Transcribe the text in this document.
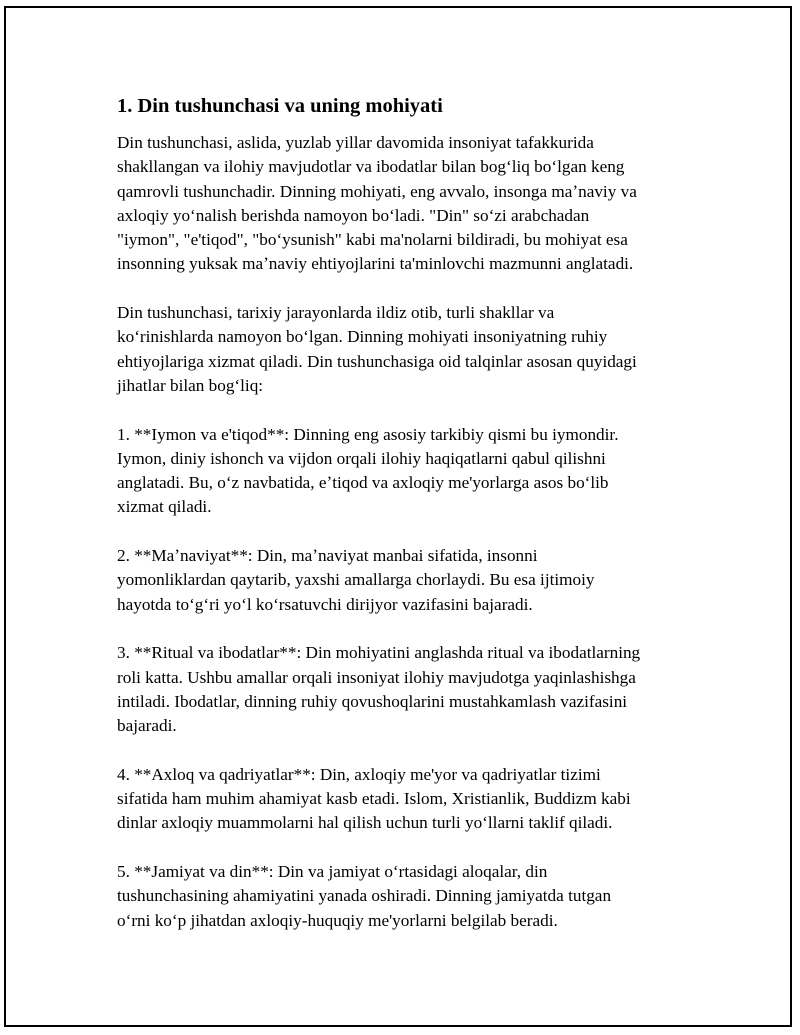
1. Din tushunchasi va uning mohiyati

Din tushunchasi, aslida, yuzlab yillar davomida insoniyat tafakkurida
shakllangan va ilohiy mavjudotlar va ibodatlar bilan bogʻliq boʻlgan keng
qamrovli tushunchadir. Dinning mohiyati, eng avvalo, insonga maʼnaviy va
axloqiy yoʻnalish berishda namoyon boʻladi. "Din" soʻzi arabchadan
"iymon", "e'tiqod", "boʻysunish" kabi ma'nolarni bildiradi, bu mohiyat esa
insonning yuksak maʼnaviy ehtiyojlarini ta'minlovchi mazmunni anglatadi.

Din tushunchasi, tarixiy jarayonlarda ildiz otib, turli shakllar va
koʻrinishlarda namoyon boʻlgan. Dinning mohiyati insoniyatning ruhiy
ehtiyojlariga xizmat qiladi. Din tushunchasiga oid talqinlar asosan quyidagi
jihatlar bilan bogʻliq:

1. **Iymon va e'tiqod**: Dinning eng asosiy tarkibiy qismi bu iymondir.
Iymon, diniy ishonch va vijdon orqali ilohiy haqiqatlarni qabul qilishni
anglatadi. Bu, oʻz navbatida, eʼtiqod va axloqiy me'yorlarga asos boʻlib
xizmat qiladi.

2. **Maʼnaviyat**: Din, maʼnaviyat manbai sifatida, insonni
yomonliklardan qaytarib, yaxshi amallarga chorlaydi. Bu esa ijtimoiy
hayotda toʻgʻri yoʻl koʻrsatuvchi dirijyor vazifasini bajaradi.

3. **Ritual va ibodatlar**: Din mohiyatini anglashda ritual va ibodatlarning
roli katta. Ushbu amallar orqali insoniyat ilohiy mavjudotga yaqinlashishga
intiladi. Ibodatlar, dinning ruhiy qovushoqlarini mustahkamlash vazifasini
bajaradi.

4. **Axloq va qadriyatlar**: Din, axloqiy me'yor va qadriyatlar tizimi
sifatida ham muhim ahamiyat kasb etadi. Islom, Xristianlik, Buddizm kabi
dinlar axloqiy muammolarni hal qilish uchun turli yoʻllarni taklif qiladi.

5. **Jamiyat va din**: Din va jamiyat oʻrtasidagi aloqalar, din
tushunchasining ahamiyatini yanada oshiradi. Dinning jamiyatda tutgan
oʻrni koʻp jihatdan axloqiy-huquqiy me'yorlarni belgilab beradi.
